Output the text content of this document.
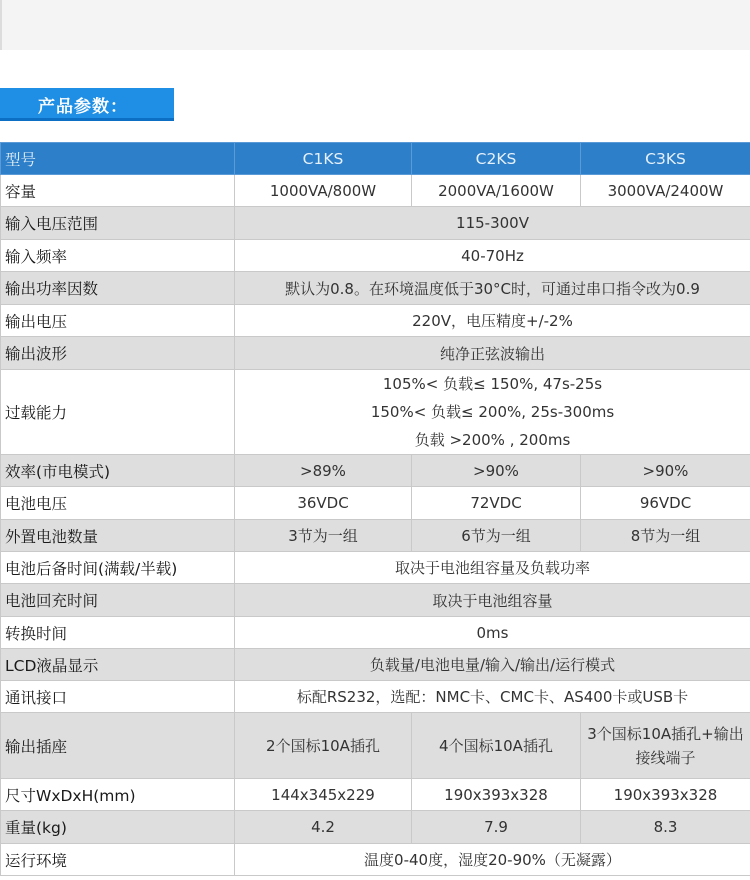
产品参数：
型号	C1KS	C2KS	C3KS
容量	1000VA/800W	2000VA/1600W	3000VA/2400W
输入电压范围	115-300V		
输入频率	40-70Hz		
输出功率因数	默认为0.8。在环境温度低于30°C时，可通过串口指令改为0.9		
输出电压	220V，电压精度+/-2%		
输出波形	纯净正弦波输出		
过载能力	105%< 负载≤ 150%, 47s-25s
150%< 负载≤ 200%, 25s-300ms
负载 >200% , 200ms		

效率(市电模式)	>89%	>90%	>90%
电池电压	36VDC	72VDC	96VDC
外置电池数量	3节为一组	6节为一组	8节为一组
电池后备时间(满载/半载)	取决于电池组容量及负载功率		
电池回充时间	取决于电池组容量		
转换时间	0ms		
LCD液晶显示	负载量/电池电量/输入/输出/运行模式		
通讯接口	标配RS232，选配：NMC卡、CMC卡、AS400卡或USB卡		
输出插座	2个国标10A插孔	4个国标10A插孔	3个国标10A插孔+输出接线端子

尺寸WxDxH(mm)	144x345x229	190x393x328	190x393x328
重量(kg)	4.2	7.9	8.3
运行环境	温度0-40度，湿度20-90%（无凝露）		
